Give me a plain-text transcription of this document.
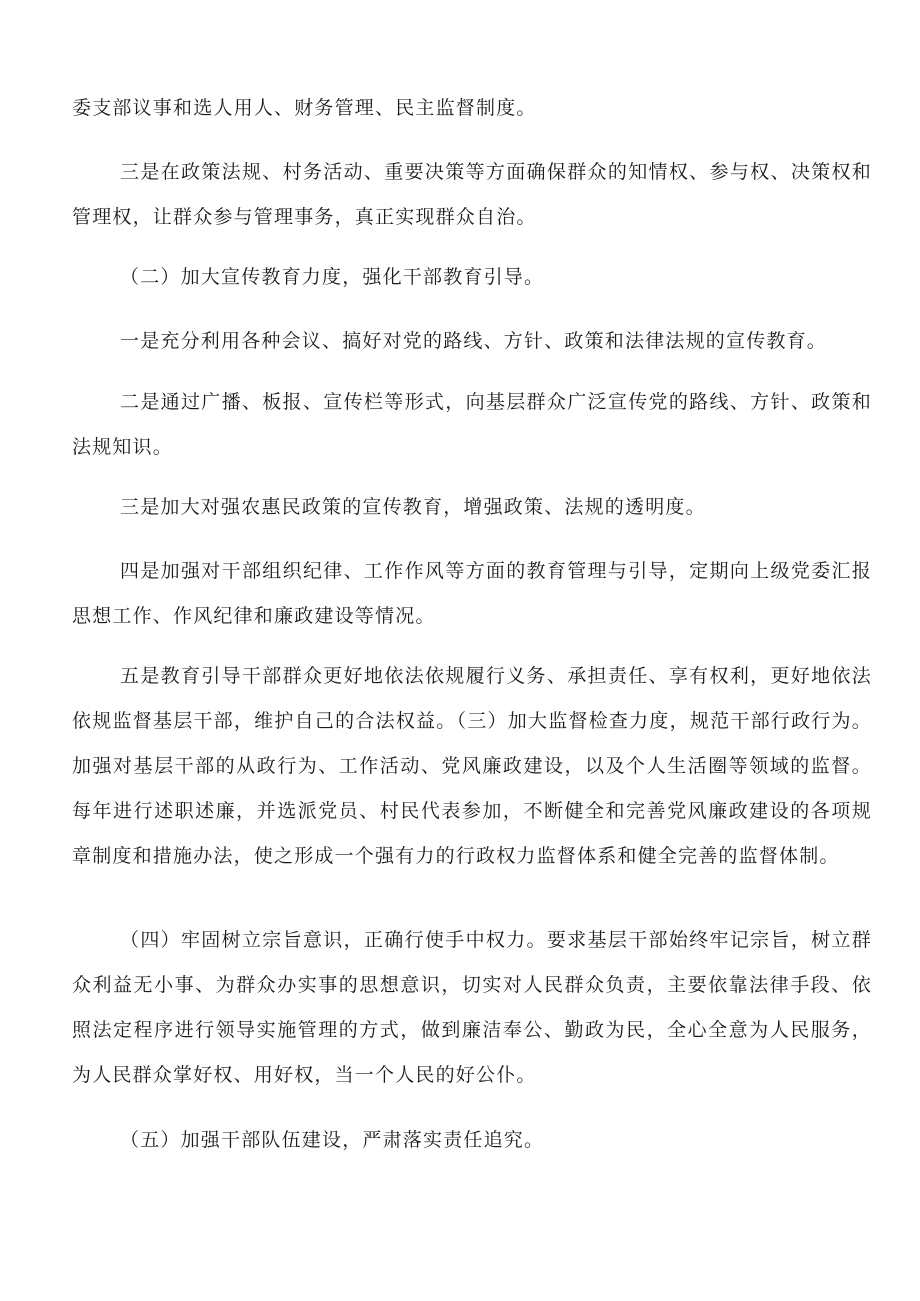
委支部议事和选人用人、财务管理、民主监督制度。

三是在政策法规、村务活动、重要决策等方面确保群众的知情权、参与权、决策权和管理权，让群众参与管理事务，真正实现群众自治。

（二）加大宣传教育力度，强化干部教育引导。

一是充分利用各种会议、搞好对党的路线、方针、政策和法律法规的宣传教育。

二是通过广播、板报、宣传栏等形式，向基层群众广泛宣传党的路线、方针、政策和法规知识。

三是加大对强农惠民政策的宣传教育，增强政策、法规的透明度。

四是加强对干部组织纪律、工作作风等方面的教育管理与引导，定期向上级党委汇报思想工作、作风纪律和廉政建设等情况。

五是教育引导干部群众更好地依法依规履行义务、承担责任、享有权利，更好地依法依规监督基层干部，维护自己的合法权益。（三）加大监督检查力度，规范干部行政行为。加强对基层干部的从政行为、工作活动、党风廉政建设，以及个人生活圈等领域的监督。每年进行述职述廉，并选派党员、村民代表参加，不断健全和完善党风廉政建设的各项规章制度和措施办法，使之形成一个强有力的行政权力监督体系和健全完善的监督体制。

（四）牢固树立宗旨意识，正确行使手中权力。要求基层干部始终牢记宗旨，树立群众利益无小事、为群众办实事的思想意识，切实对人民群众负责，主要依靠法律手段、依照法定程序进行领导实施管理的方式，做到廉洁奉公、勤政为民，全心全意为人民服务，为人民群众掌好权、用好权，当一个人民的好公仆。

（五）加强干部队伍建设，严肃落实责任追究。
